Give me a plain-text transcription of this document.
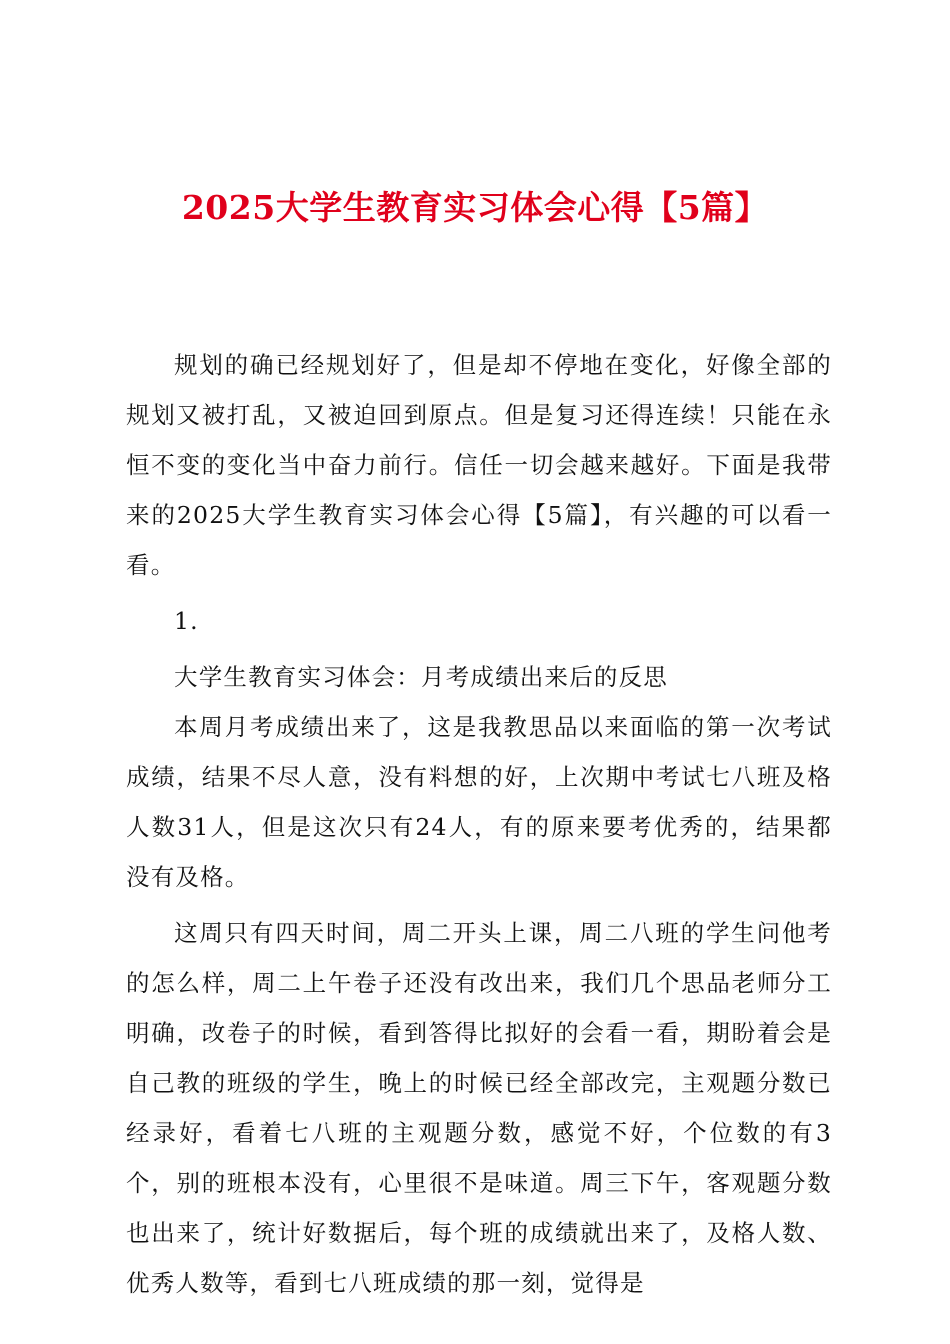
2025大学生教育实习体会心得【5篇】

规划的确已经规划好了，但是却不停地在变化，好像全部的规划又被打乱，又被迫回到原点。但是复习还得连续！只能在永恒不变的变化当中奋力前行。信任一切会越来越好。下面是我带来的2025大学生教育实习体会心得【5篇】，有兴趣的可以看一看。

1.

大学生教育实习体会：月考成绩出来后的反思

本周月考成绩出来了，这是我教思品以来面临的第一次考试成绩，结果不尽人意，没有料想的好，上次期中考试七八班及格人数31人，但是这次只有24人，有的原来要考优秀的，结果都没有及格。

这周只有四天时间，周二开头上课，周二八班的学生问他考的怎么样，周二上午卷子还没有改出来，我们几个思品老师分工明确，改卷子的时候，看到答得比拟好的会看一看，期盼着会是自己教的班级的学生，晚上的时候已经全部改完，主观题分数已经录好，看着七八班的主观题分数，感觉不好，个位数的有3个，别的班根本没有，心里很不是味道。周三下午，客观题分数也出来了，统计好数据后，每个班的成绩就出来了，及格人数、优秀人数等，看到七八班成绩的那一刻，觉得是
